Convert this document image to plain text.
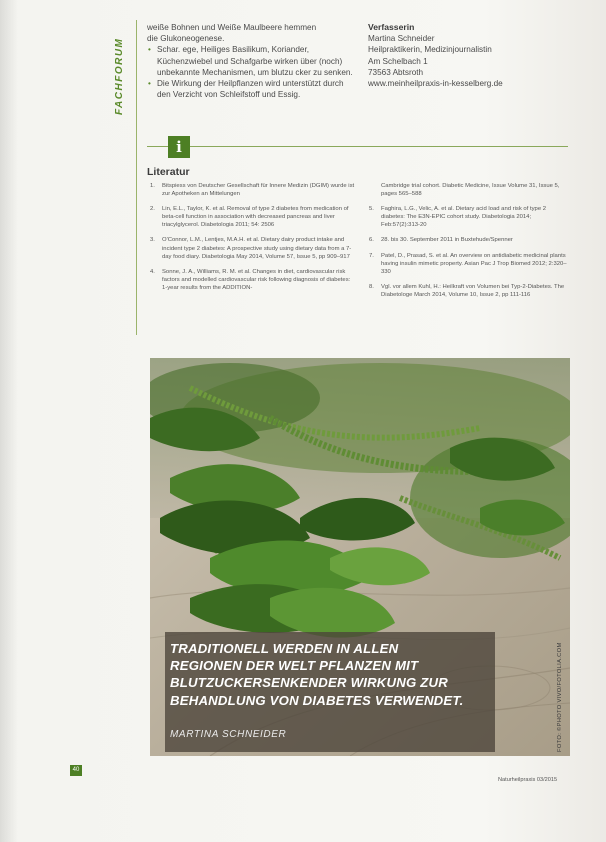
FACHFORUM

weiße Bohnen und Weiße Maulbeere hemmen

die Glukoneogenese.

• Schar. ege, Heiliges Basilikum, Koriander, Küchenzwiebel und Schafgarbe wirken über (noch) unbekannte Mechanismen, um blutzu cker zu senken.
• Die Wirkung der Heilpflanzen wird unterstützt durch den Verzicht von Schleifstoff und Essig.
Verfasserin
Martina Schneider
Heilpraktikerin, Medizinjournalistin
Am Schelbach 1
73563 Abtsroth
www.meinheilpraxis-in-kesselberg.de
i
Literatur
1. Bitspiess von Deutscher Gesellschaft für Innere Medizin (DGIM) wurde ist zur Apotheken an Mittelungen
2. Lin, E.L., Taylor, K. et al. Removal of type 2 diabetes from medication of beta-cell function in association with decreased pancreas and liver triacylglycerol. Diabetologia 2011; 54: 2506
3. O'Connor, L.M., Lentjes, M.A.H. et al. Dietary dairy product intake and incident type 2 diabetes: A prospective study using dietary data from a 7-day food diary. Diabetologia May 2014, Volume 57, Issue 5, pp 909–917
4. Sonne, J. A., Williams, R. M. et al. Changes in diet, cardiovascular risk factors and modelled cardiovascular risk following diagnosis of diabetes: 1-year results from the ADDITION-
Cambridge trial cohort. Diabetic Medicine, Issue Volume 31, Issue 5, pages 565–588
5. Faghira, L.G., Velic, A. et al. Dietary acid load and risk of type 2 diabetes: The E3N-EPIC cohort study. Diabetologia 2014; Feb:57(2):313-20
6. 28. bis 30. September 2011 in Buxtehude/Spenner
7. Patel, D., Prasad, S. et al. An overview on antidiabetic medicinal plants having insulin mimetic property. Asian Pac J Trop Biomed 2012; 2:320–330
8. Vgl. vor allem Kuhl, H.: Heilkraft von Volumen bei Typ-2-Diabetes. The Diabetologe March 2014, Volume 10, Issue 2, pp 111-116
TRADITIONELL WERDEN IN ALLEN
REGIONEN DER WELT PFLANZEN MIT
BLUTZUCKERSENKENDER WIRKUNG ZUR
BEHANDLUNG VON DIABETES VERWENDET.
MARTINA SCHNEIDER	FOTO: ©PHOTO VIVO/FOTOLIA.COM
40
Naturheilpraxis 03/2015
